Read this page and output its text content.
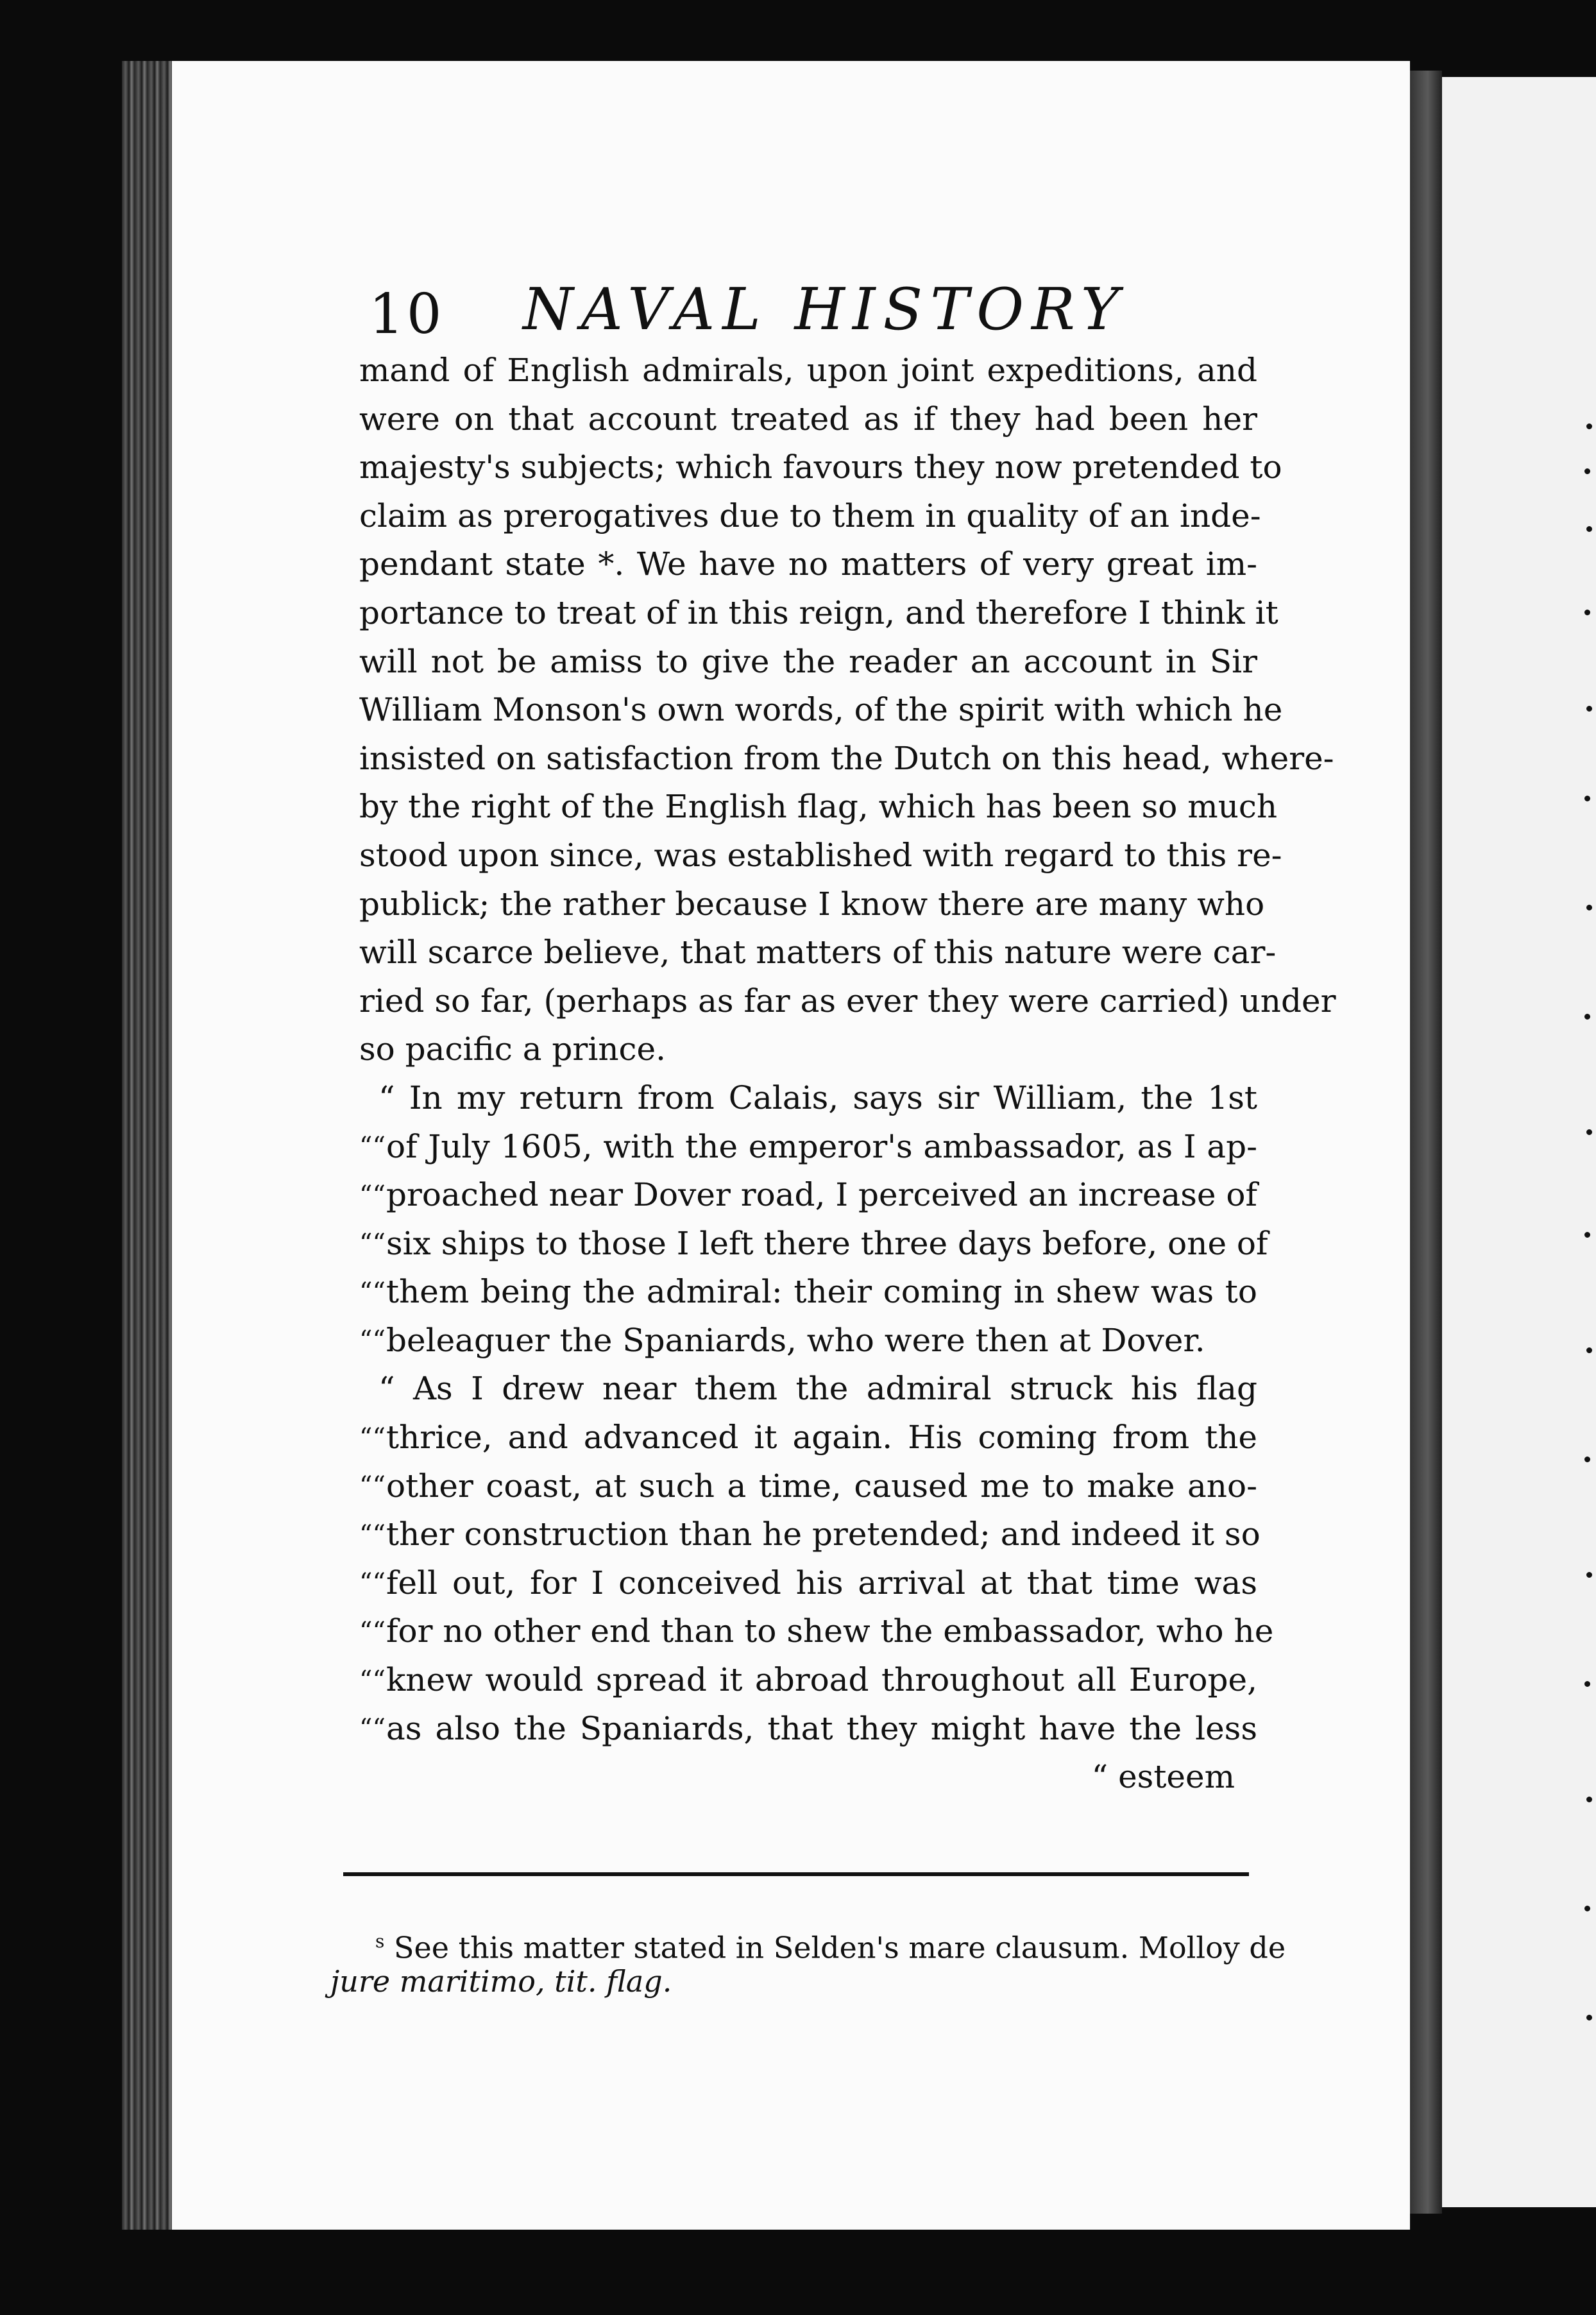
10 NAVAL HISTORY
mand of English admirals, upon joint expeditions, and
were on that account treated as if they had been her
majesty's subjects; which favours they now pretended to
claim as prerogatives due to them in quality of an inde-
pendant state *. We have no matters of very great im-
portance to treat of in this reign, and therefore I think it
will not be amiss to give the reader an account in Sir
William Monson's own words, of the spirit with which he
insisted on satisfaction from the Dutch on this head, where-
by the right of the English flag, which has been so much
stood upon since, was established with regard to this re-
publick; the rather because I know there are many who
will scarce believe, that matters of this nature were car-
ried so far, (perhaps as far as ever they were carried) under
so pacific a prince.
“ In my return from Calais, says sir William, the 1st
of July 1605, with the emperor's ambassador, as I ap-
proached near Dover road, I perceived an increase of
six ships to those I left there three days before, one of
them being the admiral: their coming in shew was to
beleaguer the Spaniards, who were then at Dover.
“ As I drew near them the admiral struck his flag
thrice, and advanced it again. His coming from the
other coast, at such a time, caused me to make ano-
ther construction than he pretended; and indeed it so
fell out, for I conceived his arrival at that time was
for no other end than to shew the embassador, who he
knew would spread it abroad throughout all Europe,
as also the Spaniards, that they might have the less
“ esteem
““
““
““
““
““
““
““
““
““
““
““
““
$^s$ See this matter stated in Selden's mare clausum. Molloy de
jure maritimo, tit. flag.
